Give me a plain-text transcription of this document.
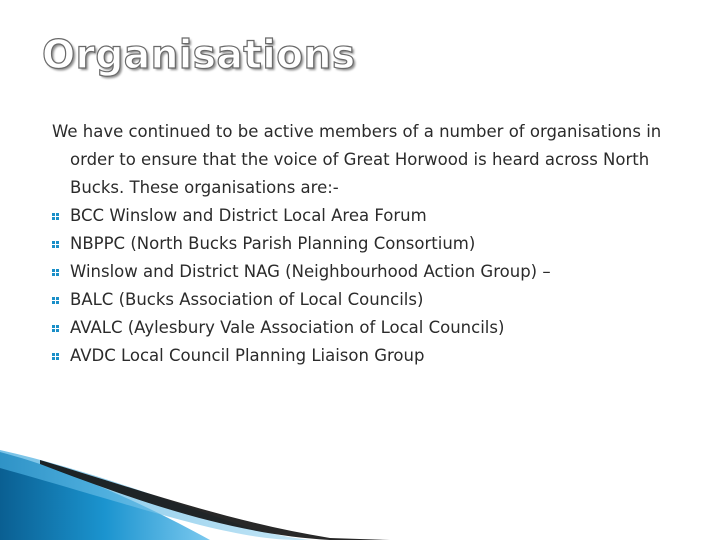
Organisations

We have continued to be active members of a number of organisations in order to ensure that the voice of Great Horwood is heard across North Bucks. These organisations are:-

BCC Winslow and District Local Area Forum
NBPPC (North Bucks Parish Planning Consortium)
Winslow and District NAG (Neighbourhood Action Group) –
BALC (Bucks Association of Local Councils)
AVALC (Aylesbury Vale Association of Local Councils)
AVDC Local Council Planning Liaison Group
